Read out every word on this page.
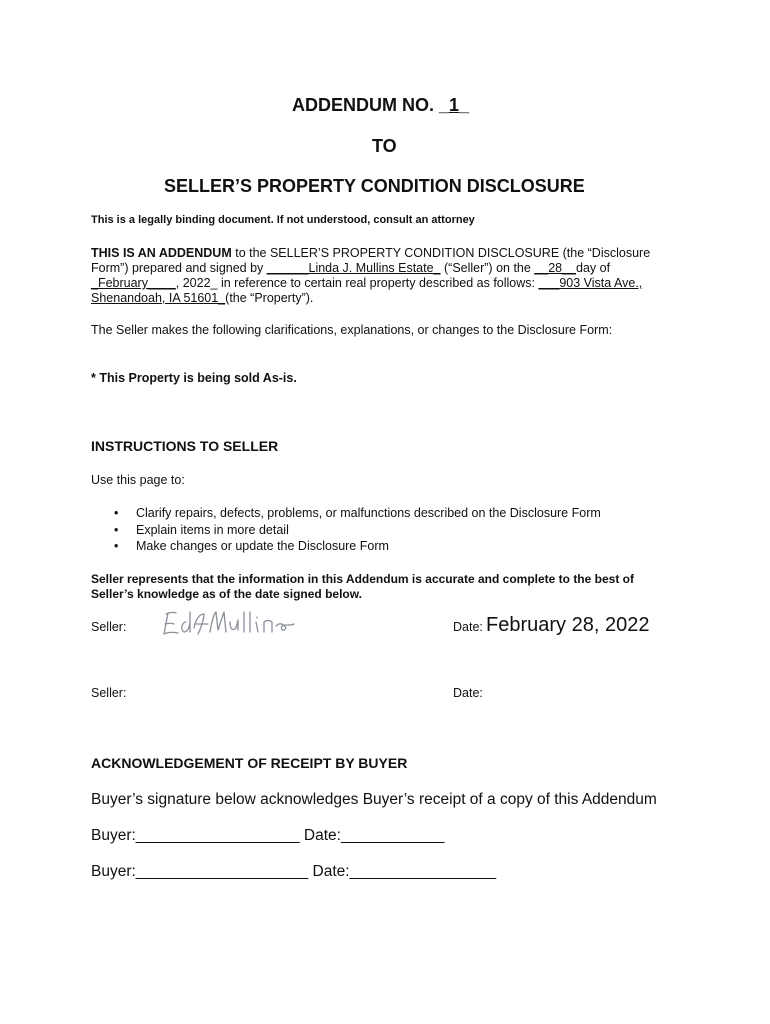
ADDENDUM NO. _1_
TO
SELLER’S PROPERTY CONDITION DISCLOSURE
This is a legally binding document. If not understood, consult an attorney
THIS IS AN ADDENDUM to the SELLER’S PROPERTY CONDITION DISCLOSURE (the “Disclosure
Form”) prepared and signed by ______Linda J. Mullins Estate_ (“Seller”) on the __28__day of
_February____, 2022_ in reference to certain real property described as follows: ___903 Vista Ave.,
Shenandoah, IA 51601_(the “Property”).
The Seller makes the following clarifications, explanations, or changes to the Disclosure Form:
* This Property is being sold As-is.
INSTRUCTIONS TO SELLER
Use this page to:
• Clarify repairs, defects, problems, or malfunctions described on the Disclosure Form
• Explain items in more detail
• Make changes or update the Disclosure Form
Seller represents that the information in this Addendum is accurate and complete to the best of
Seller’s knowledge as of the date signed below.
Seller:	Date: February 28, 2022
Seller:	Date:
ACKNOWLEDGEMENT OF RECEIPT BY BUYER
Buyer’s signature below acknowledges Buyer’s receipt of a copy of this Addendum
Buyer:___________________ Date:____________
Buyer:____________________ Date:_________________
